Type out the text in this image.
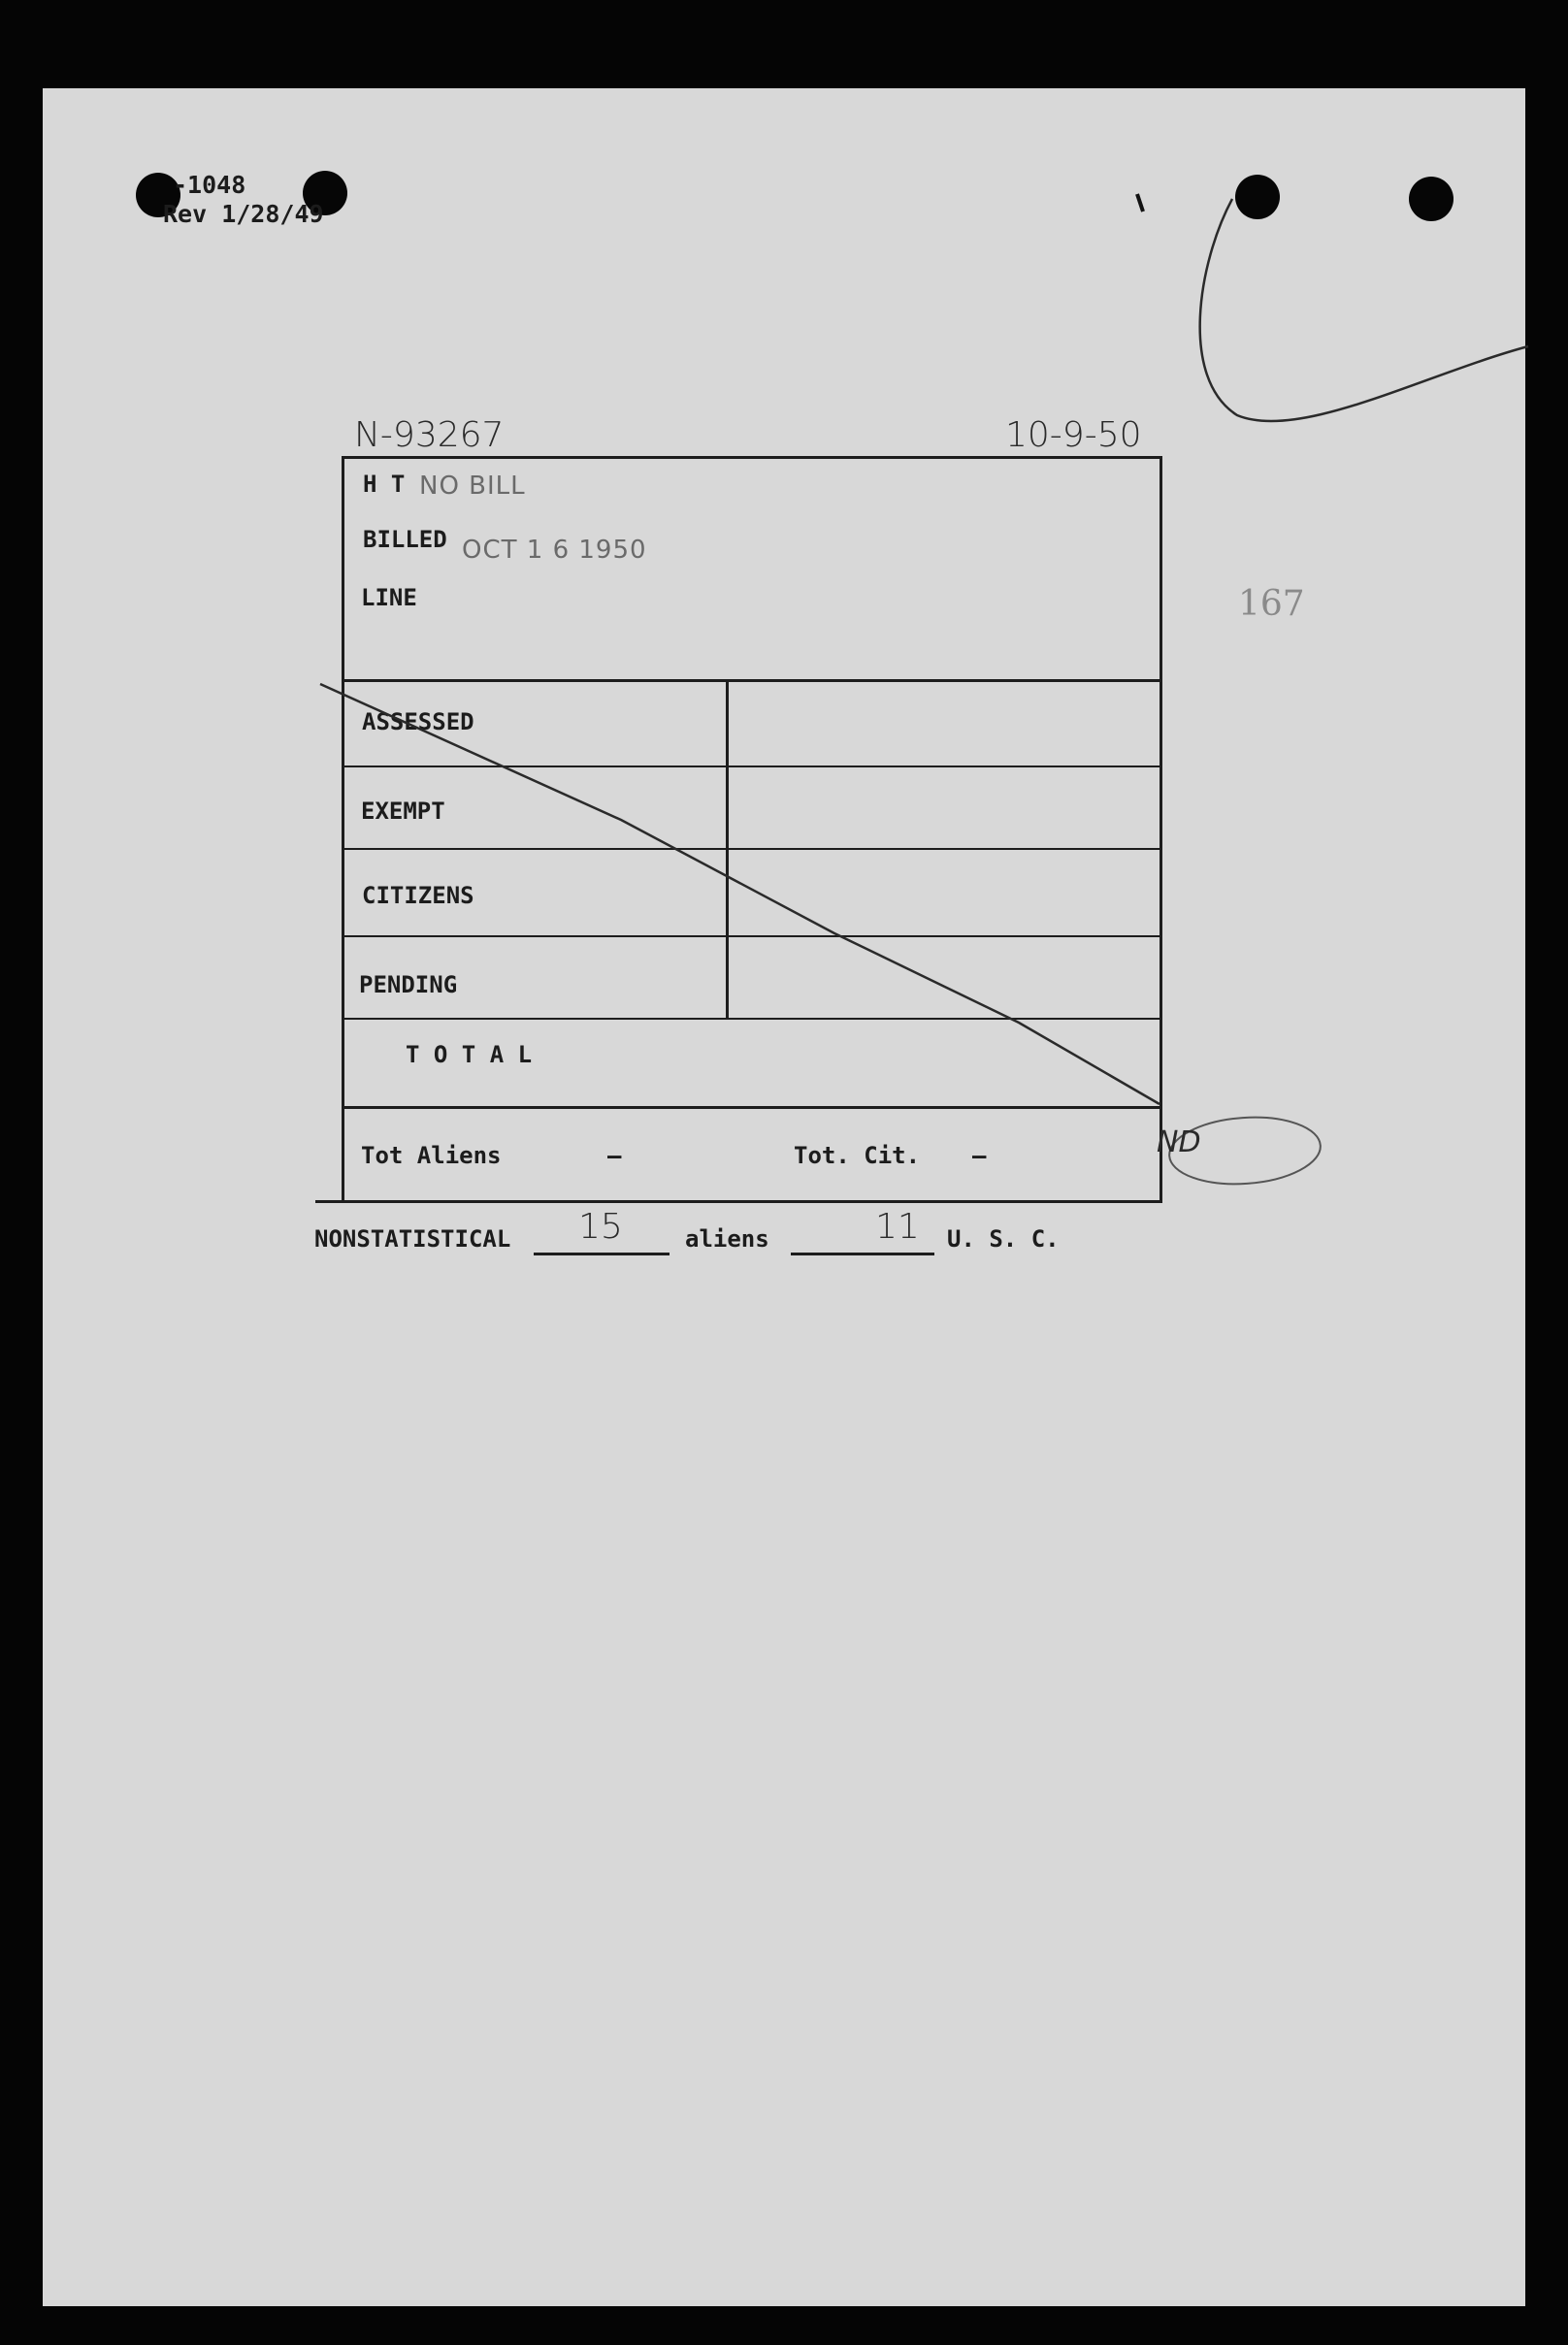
-1048
Rev 1/28/49
N-93267	10-9-50
167
H T NO BILL
BILLED OCT 1 6 1950
LINE
ASSESSED
EXEMPT
CITIZENS
PENDING
T O T A L
Tot Aliens	—	Tot. Cit. —	ND
NONSTATISTICAL 15	aliens	11 U. S. C.
